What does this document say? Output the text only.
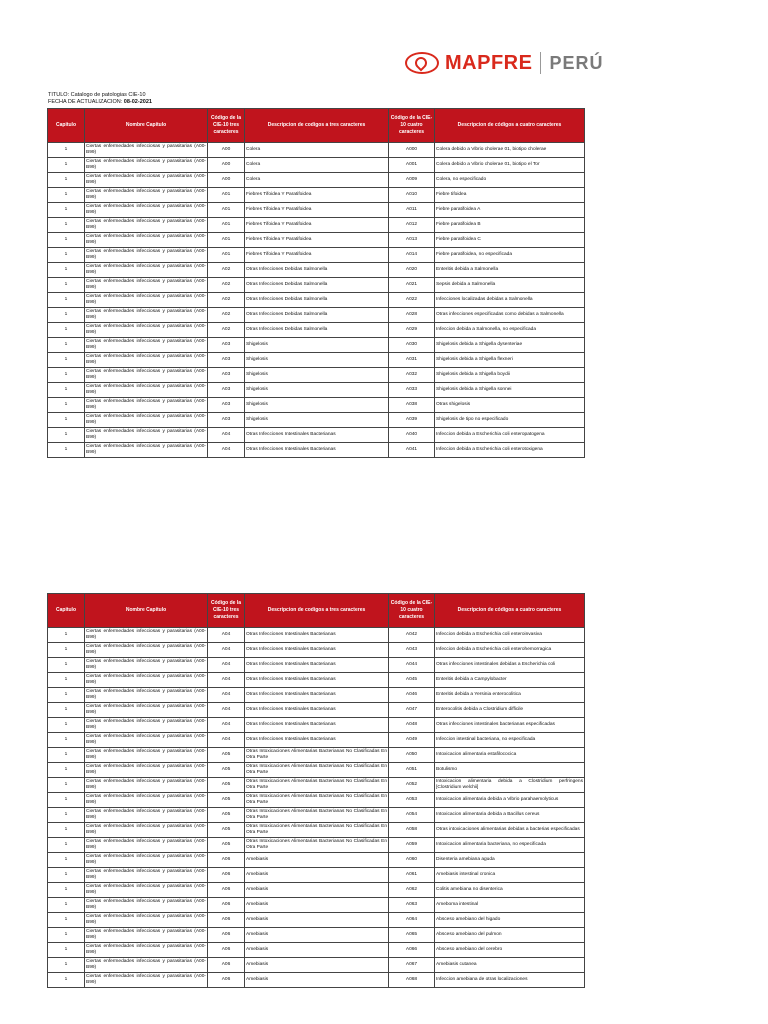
MAPFRE PERÚ
TITULO: Catalogo de patologias CIE-10
FECHA DE ACTUALIZACION: 08-02-2021
Capitulo	Nombre Capitulo	Código de la CIE-10 tres caracteres	Descripcion de codigos a tres caracteres	Código de la CIE-10 cuatro caracteres	Descripcion de códigos a cuatro caracteres
1	Ciertas enfermedades infecciosas y parasitarias (A00-B99)	A00	Colera	A000	Colera debido a Vibrio cholerae 01, biotipo cholerae
1	Ciertas enfermedades infecciosas y parasitarias (A00-B99)	A00	Colera	A001	Colera debido a Vibrio cholerae 01, biotipo el Tor
1	Ciertas enfermedades infecciosas y parasitarias (A00-B99)	A00	Colera	A009	Colera, no especificado
1	Ciertas enfermedades infecciosas y parasitarias (A00-B99)	A01	Fiebres Tifoidea Y Paratifoidea	A010	Fiebre tifoidea
1	Ciertas enfermedades infecciosas y parasitarias (A00-B99)	A01	Fiebres Tifoidea Y Paratifoidea	A011	Fiebre paratifoidea A
1	Ciertas enfermedades infecciosas y parasitarias (A00-B99)	A01	Fiebres Tifoidea Y Paratifoidea	A012	Fiebre paratifoidea B
1	Ciertas enfermedades infecciosas y parasitarias (A00-B99)	A01	Fiebres Tifoidea Y Paratifoidea	A013	Fiebre paratifoidea C
1	Ciertas enfermedades infecciosas y parasitarias (A00-B99)	A01	Fiebres Tifoidea Y Paratifoidea	A014	Fiebre paratifoidea, no especificada
1	Ciertas enfermedades infecciosas y parasitarias (A00-B99)	A02	Otras Infecciones Debidas Salmonella	A020	Enteritis debida a Salmonella
1	Ciertas enfermedades infecciosas y parasitarias (A00-B99)	A02	Otras Infecciones Debidas Salmonella	A021	Sepsis debida a Salmonella
1	Ciertas enfermedades infecciosas y parasitarias (A00-B99)	A02	Otras Infecciones Debidas Salmonella	A022	Infecciones localizadas debidas a Salmonella
1	Ciertas enfermedades infecciosas y parasitarias (A00-B99)	A02	Otras Infecciones Debidas Salmonella	A028	Otras infecciones especificadas como debidas a Salmonella
1	Ciertas enfermedades infecciosas y parasitarias (A00-B99)	A02	Otras Infecciones Debidas Salmonella	A029	Infeccion debida a Salmonella, no especificada
1	Ciertas enfermedades infecciosas y parasitarias (A00-B99)	A03	Shigelosis	A030	Shigelosis debida a Shigella dysenteriae
1	Ciertas enfermedades infecciosas y parasitarias (A00-B99)	A03	Shigelosis	A031	Shigelosis debida a Shigella flexneri
1	Ciertas enfermedades infecciosas y parasitarias (A00-B99)	A03	Shigelosis	A032	Shigelosis debida a Shigella boydii
1	Ciertas enfermedades infecciosas y parasitarias (A00-B99)	A03	Shigelosis	A033	Shigelosis debida a Shigella sonnei
1	Ciertas enfermedades infecciosas y parasitarias (A00-B99)	A03	Shigelosis	A038	Otras shigelosis
1	Ciertas enfermedades infecciosas y parasitarias (A00-B99)	A03	Shigelosis	A039	Shigelosis de tipo no especificado
1	Ciertas enfermedades infecciosas y parasitarias (A00-B99)	A04	Otras Infecciones Intestinales Bacterianas	A040	Infeccion debida a Escherichia coli enteropatogena
1	Ciertas enfermedades infecciosas y parasitarias (A00-B99)	A04	Otras Infecciones Intestinales Bacterianas	A041	Infeccion debida a Escherichia coli enterotoxigena
Capitulo	Nombre Capitulo	Código de la CIE-10 tres caracteres	Descripcion de codigos a tres caracteres	Código de la CIE-10 cuatro caracteres	Descripcion de códigos a cuatro caracteres
1	Ciertas enfermedades infecciosas y parasitarias (A00-B99)	A04	Otras Infecciones Intestinales Bacterianas	A042	Infeccion debida a Escherichia coli enteroinvasiva
1	Ciertas enfermedades infecciosas y parasitarias (A00-B99)	A04	Otras Infecciones Intestinales Bacterianas	A043	Infeccion debida a Escherichia coli enterohemorragica
1	Ciertas enfermedades infecciosas y parasitarias (A00-B99)	A04	Otras Infecciones Intestinales Bacterianas	A044	Otras infecciones intestinales debidas a Escherichia coli
1	Ciertas enfermedades infecciosas y parasitarias (A00-B99)	A04	Otras Infecciones Intestinales Bacterianas	A045	Enteritis debida a Campylobacter
1	Ciertas enfermedades infecciosas y parasitarias (A00-B99)	A04	Otras Infecciones Intestinales Bacterianas	A046	Enteritis debida a Yersinia enterocolitica
1	Ciertas enfermedades infecciosas y parasitarias (A00-B99)	A04	Otras Infecciones Intestinales Bacterianas	A047	Enterocolitis debida a Clostridium difficile
1	Ciertas enfermedades infecciosas y parasitarias (A00-B99)	A04	Otras Infecciones Intestinales Bacterianas	A048	Otras infecciones intestinales bacterianas especificadas
1	Ciertas enfermedades infecciosas y parasitarias (A00-B99)	A04	Otras Infecciones Intestinales Bacterianas	A049	Infeccion intestinal bacteriana, no especificada
1	Ciertas enfermedades infecciosas y parasitarias (A00-B99)	A05	Otras Intoxicaciones Alimentarias Bacterianas No Clasificadas En Otra Parte	A050	Intoxicacion alimentaria estafilococica
1	Ciertas enfermedades infecciosas y parasitarias (A00-B99)	A05	Otras Intoxicaciones Alimentarias Bacterianas No Clasificadas En Otra Parte	A051	Botulismo
1	Ciertas enfermedades infecciosas y parasitarias (A00-B99)	A05	Otras Intoxicaciones Alimentarias Bacterianas No Clasificadas En Otra Parte	A052	Intoxicacion alimentaria debida a Clostridium perfringens [Clostridium welchii]
1	Ciertas enfermedades infecciosas y parasitarias (A00-B99)	A05	Otras Intoxicaciones Alimentarias Bacterianas No Clasificadas En Otra Parte	A053	Intoxicacion alimentaria debida a Vibrio parahaemolyticus
1	Ciertas enfermedades infecciosas y parasitarias (A00-B99)	A05	Otras Intoxicaciones Alimentarias Bacterianas No Clasificadas En Otra Parte	A054	Intoxicacion alimentaria debida a Bacillus cereus
1	Ciertas enfermedades infecciosas y parasitarias (A00-B99)	A05	Otras Intoxicaciones Alimentarias Bacterianas No Clasificadas En Otra Parte	A058	Otras intoxicaciones alimentarias debidas a bacterias especificadas
1	Ciertas enfermedades infecciosas y parasitarias (A00-B99)	A05	Otras Intoxicaciones Alimentarias Bacterianas No Clasificadas En Otra Parte	A059	Intoxicacion alimentaria bacteriana, no especificada
1	Ciertas enfermedades infecciosas y parasitarias (A00-B99)	A06	Amebiasis	A060	Disenteria amebiana aguda
1	Ciertas enfermedades infecciosas y parasitarias (A00-B99)	A06	Amebiasis	A061	Amebiasis intestinal cronica
1	Ciertas enfermedades infecciosas y parasitarias (A00-B99)	A06	Amebiasis	A062	Colitis amebiana no disenterica
1	Ciertas enfermedades infecciosas y parasitarias (A00-B99)	A06	Amebiasis	A063	Ameboma intestinal
1	Ciertas enfermedades infecciosas y parasitarias (A00-B99)	A06	Amebiasis	A064	Absceso amebiano del higado
1	Ciertas enfermedades infecciosas y parasitarias (A00-B99)	A06	Amebiasis	A065	Absceso amebiano del pulmon
1	Ciertas enfermedades infecciosas y parasitarias (A00-B99)	A06	Amebiasis	A066	Absceso amebiano del cerebro
1	Ciertas enfermedades infecciosas y parasitarias (A00-B99)	A06	Amebiasis	A067	Amebiasis cutanea
1	Ciertas enfermedades infecciosas y parasitarias (A00-B99)	A06	Amebiasis	A068	Infeccion amebiana de otras localizaciones
